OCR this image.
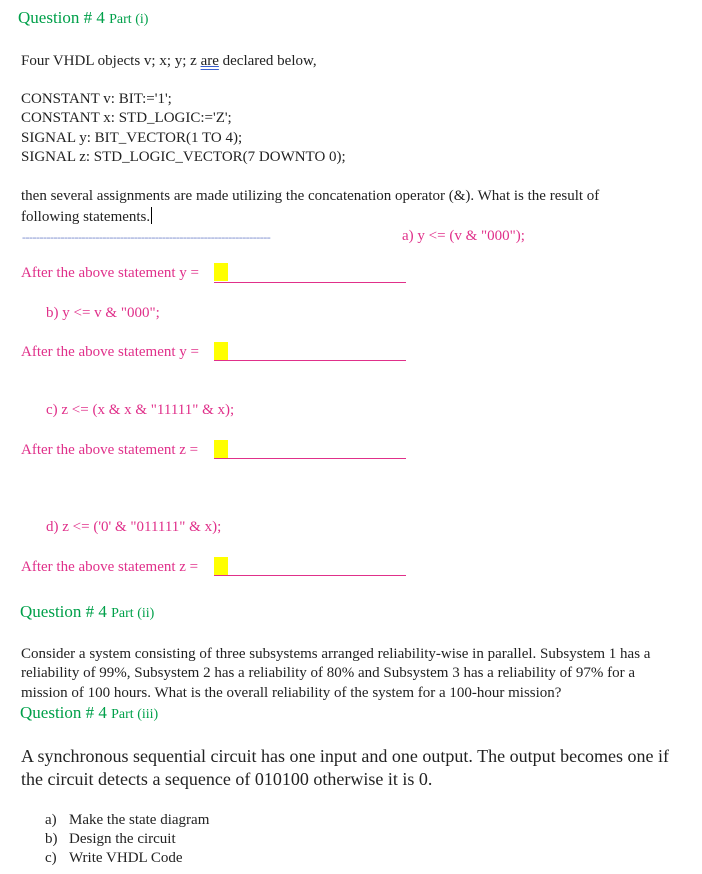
Question # 4 Part (i)
Four VHDL objects v; x; y; z are declared below,
CONSTANT v: BIT:='1';
CONSTANT x: STD_LOGIC:='Z';
SIGNAL y: BIT_VECTOR(1 TO 4);
SIGNAL z: STD_LOGIC_VECTOR(7 DOWNTO 0);
then several assignments are made utilizing the concatenation operator (&). What is the result of
following statements.
-----------------------------------------------------------------------	a) y <= (v & "000");
After the above statement y =
b) y <= v & "000";
After the above statement y =
c) z <= (x & x & "11111" & x);
After the above statement z =
d) z <= ('0' & "011111" & x);
After the above statement z =
Question # 4 Part (ii)
Consider a system consisting of three subsystems arranged reliability-wise in parallel. Subsystem 1 has a
reliability of 99%, Subsystem 2 has a reliability of 80% and Subsystem 3 has a reliability of 97% for a
mission of 100 hours. What is the overall reliability of the system for a 100-hour mission?
Question # 4 Part (iii)
A synchronous sequential circuit has one input and one output. The output becomes one if
the circuit detects a sequence of 010100 otherwise it is 0.
a) Make the state diagram
b) Design the circuit
c) Write VHDL Code
